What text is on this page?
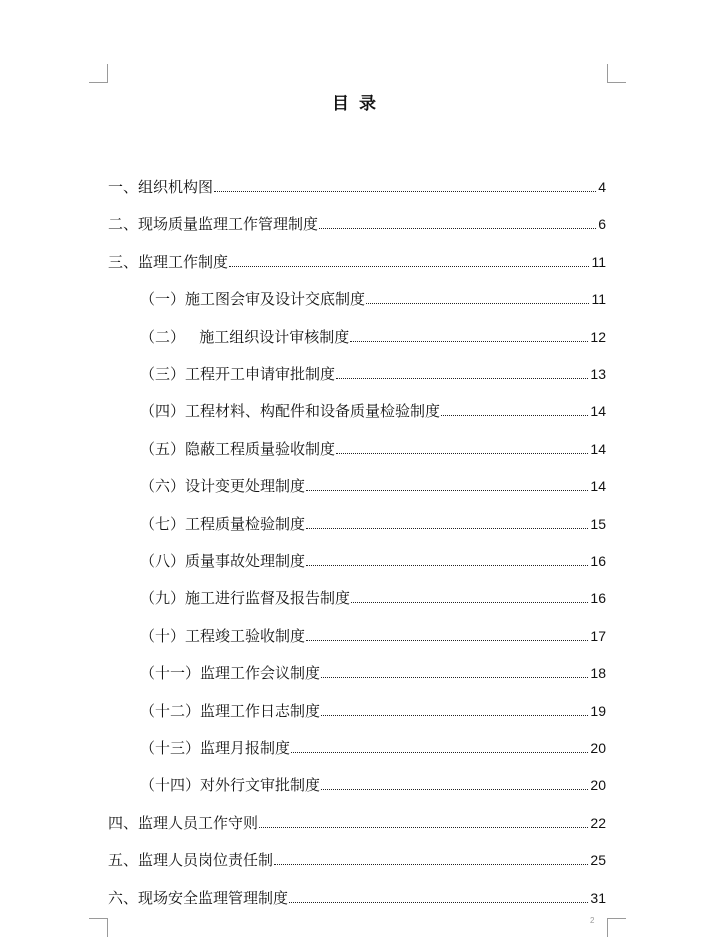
目 录
一、组织机构图	4
二、现场质量监理工作管理制度	6
三、监理工作制度	11
（一）施工图会审及设计交底制度	11
（二）   施工组织设计审核制度	12
（三）工程开工申请审批制度	13
（四）工程材料、构配件和设备质量检验制度	14
（五）隐蔽工程质量验收制度	14
（六）设计变更处理制度	14
（七）工程质量检验制度	15
（八）质量事故处理制度	16
（九）施工进行监督及报告制度	16
（十）工程竣工验收制度	17
（十一）监理工作会议制度	18
（十二）监理工作日志制度	19
（十三）监理月报制度	20
（十四）对外行文审批制度	20
四、监理人员工作守则	22
五、监理人员岗位责任制	25
六、现场安全监理管理制度	31
2
